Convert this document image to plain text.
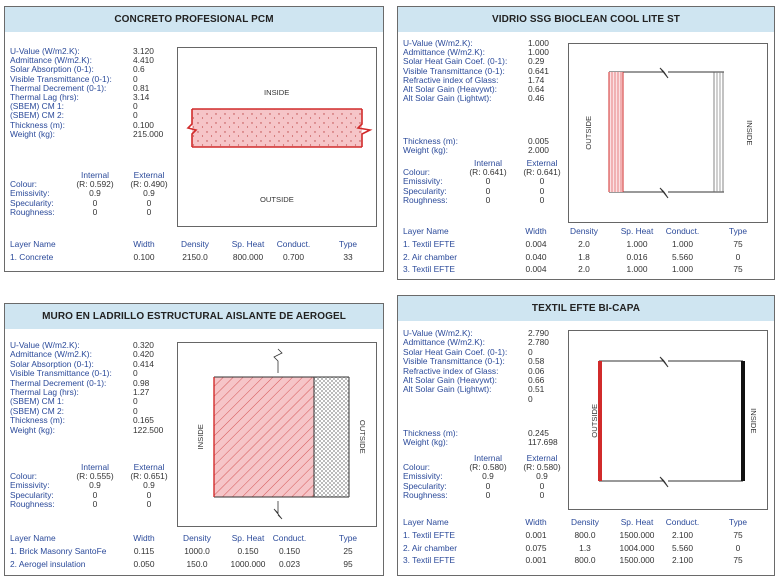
CONCRETO PROFESIONAL PCM
U-Value (W/m2.K):	3.120
Admittance (W/m2.K):	4.410
Solar Absorption (0-1):	0.6
Visible Transmittance (0-1):	0
Thermal Decrement (0-1):	0.81
Thermal Lag (hrs):	3.14
(SBEM) CM 1:	0
(SBEM) CM 2:	0
Thickness (m):	0.100
Weight (kg):	215.000
Internal	External
Colour:	(R: 0.592)	(R: 0.490)
Emissivity:	0.9	0.9
Specularity:	0	0
Roughness:	0	0
Layer Name	Width	Density	Sp. Heat	Conduct.	Type
1. Concrete	0.100	2150.0	800.000	0.700	33
INSIDE
OUTSIDE
VIDRIO SSG BIOCLEAN COOL LITE ST
U-Value (W/m2.K):	1.000
Admittance (W/m2.K):	1.000
Solar Heat Gain Coef. (0-1): 0.29
Visible Transmittance (0-1):	0.641
Refractive index of Glass:	1.74
Alt Solar Gain (Heavywt):	0.64
Alt Solar Gain (Lightwt):	0.46
Thickness (m):	0.005
Weight (kg):	2.000
Internal	External
Colour:	(R: 0.641)	(R: 0.641)
Emissivity:	0	0
Specularity:	0	0
Roughness:	0	0
Layer Name	Width	Density	Sp. Heat	Conduct.	Type
1. Textil EFTE	0.004	2.0	1.000	1.000	75
2. Air chamber	0.040	1.8	0.016	5.560	0
3. Textil EFTE	0.004	2.0	1.000	1.000	75
OUTSIDE	INSIDE
MURO EN LADRILLO ESTRUCTURAL AISLANTE DE AEROGEL
U-Value (W/m2.K):	0.320
Admittance (W/m2.K):	0.420
Solar Absorption (0-1):	0.414
Visible Transmittance (0-1):	0
Thermal Decrement (0-1):	0.98
Thermal Lag (hrs):	1.27
(SBEM) CM 1:	0
(SBEM) CM 2:	0
Thickness (m):	0.165
Weight (kg):	122.500
Internal	External
Colour:	(R: 0.555)	(R: 0.651)
Emissivity:	0.9	0.9
Specularity:	0	0
Roughness:	0	0
Layer Name	Width	Density	Sp. Heat	Conduct.	Type
1. Brick Masonry SantoFe	0.115	1000.0	0.150	0.150	25
2. Aerogel insulation	0.050	150.0	1000.000	0.023	95
INSIDE	OUTSIDE
TEXTIL EFTE BI-CAPA
U-Value (W/m2.K):	2.790
Admittance (W/m2.K):	2.780
Solar Heat Gain Coef. (0-1): 0
Visible Transmittance (0-1):	0.58
Refractive index of Glass:	0.06
Alt Solar Gain (Heavywt):	0.66
Alt Solar Gain (Lightwt):	0.51
0
Thickness (m):	0.245
Weight (kg):	117.698
Internal	External
Colour:	(R: 0.580)	(R: 0.580)
Emissivity:	0.9	0.9
Specularity:	0	0
Roughness:	0	0
Layer Name	Width	Density	Sp. Heat	Conduct.	Type
1. Textil EFTE	0.001	800.0	1500.000	2.100	75
2. Air chamber	0.075	1.3	1004.000	5.560	0
3. Textil EFTE	0.001	800.0	1500.000	2.100	75
OUTSIDE	INSIDE
